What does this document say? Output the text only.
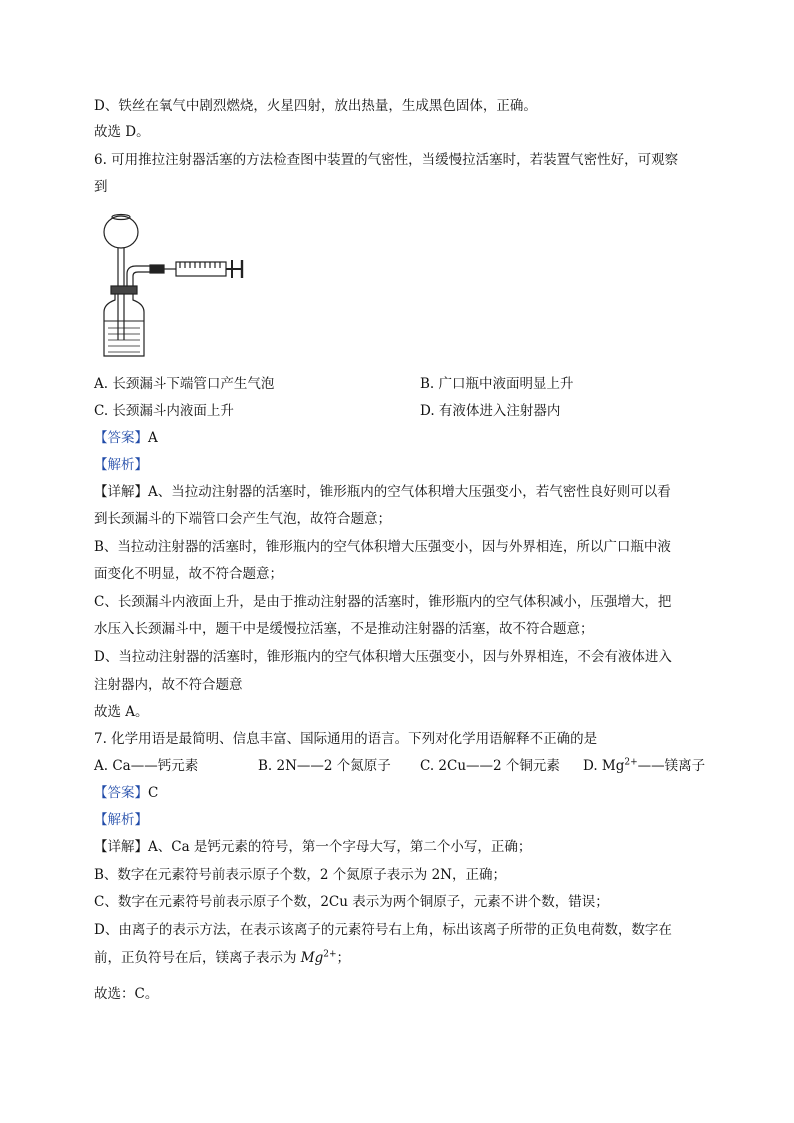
D、铁丝在氧气中剧烈燃烧，火星四射，放出热量，生成黑色固体，正确。
故选 D。
6. 可用推拉注射器活塞的方法检查图中装置的气密性，当缓慢拉活塞时，若装置气密性好，可观察
到
A. 长颈漏斗下端管口产生气泡	B. 广口瓶中液面明显上升
C. 长颈漏斗内液面上升	D. 有液体进入注射器内
【答案】A
【解析】
【详解】A、当拉动注射器的活塞时，锥形瓶内的空气体积增大压强变小，若气密性良好则可以看
到长颈漏斗的下端管口会产生气泡，故符合题意；
B、当拉动注射器的活塞时，锥形瓶内的空气体积增大压强变小，因与外界相连，所以广口瓶中液
面变化不明显，故不符合题意；
C、长颈漏斗内液面上升，是由于推动注射器的活塞时，锥形瓶内的空气体积减小，压强增大，把
水压入长颈漏斗中，题干中是缓慢拉活塞，不是推动注射器的活塞，故不符合题意；
D、当拉动注射器的活塞时，锥形瓶内的空气体积增大压强变小，因与外界相连，不会有液体进入
注射器内，故不符合题意
故选 A。
7. 化学用语是最简明、信息丰富、国际通用的语言。下列对化学用语解释不正确的是
A. Ca——钙元素	B. 2N——2 个氮原子 C. 2Cu——2 个铜元素 D. $Mg^{2+}——$镁离子
【答案】C
【解析】
【详解】A、Ca 是钙元素的符号，第一个字母大写，第二个小写，正确；
B、数字在元素符号前表示原子个数，2 个氮原子表示为 2N，正确；
C、数字在元素符号前表示原子个数，2Cu 表示为两个铜原子，元素不讲个数，错误；
D、由离子的表示方法，在表示该离子的元素符号右上角，标出该离子所带的正负电荷数，数字在
前，正负符号在后，镁离子表示为 $Mg^{2+}$；
故选：C。
